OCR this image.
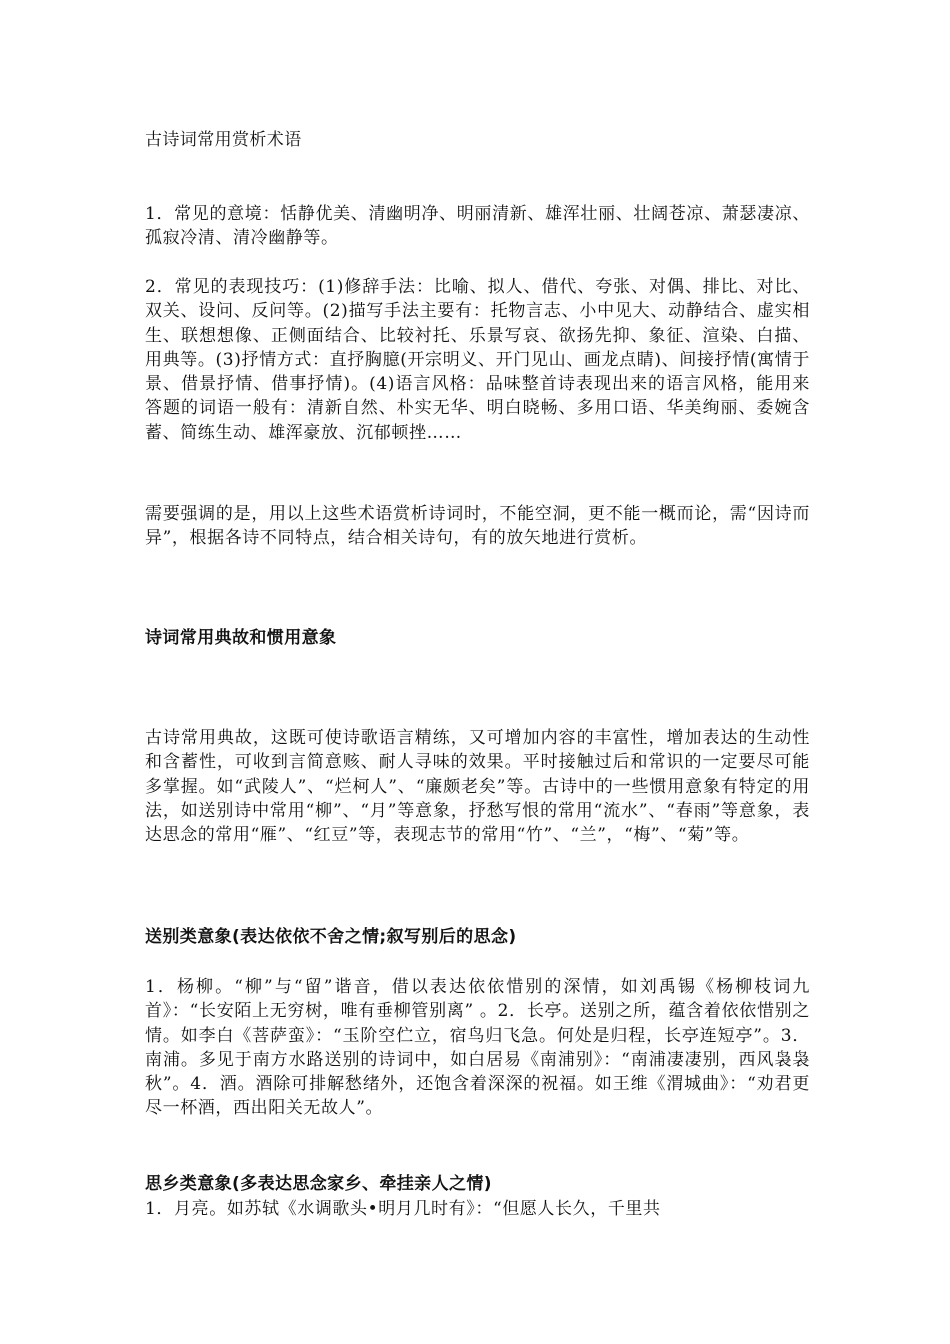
古诗词常用赏析术语

1．常见的意境：恬静优美、清幽明净、明丽清新、雄浑壮丽、壮阔苍凉、萧瑟凄凉、孤寂冷清、清冷幽静等。

2．常见的表现技巧：(1)修辞手法：比喻、拟人、借代、夸张、对偶、排比、对比、双关、设问、反问等。(2)描写手法主要有：托物言志、小中见大、动静结合、虚实相生、联想想像、正侧面结合、比较衬托、乐景写哀、欲扬先抑、象征、渲染、白描、用典等。(3)抒情方式：直抒胸臆(开宗明义、开门见山、画龙点睛)、间接抒情(寓情于景、借景抒情、借事抒情)。(4)语言风格：品味整首诗表现出来的语言风格，能用来答题的词语一般有：清新自然、朴实无华、明白晓畅、多用口语、华美绚丽、委婉含蓄、简练生动、雄浑豪放、沉郁顿挫……

需要强调的是，用以上这些术语赏析诗词时，不能空洞，更不能一概而论，需“因诗而异”，根据各诗不同特点，结合相关诗句，有的放矢地进行赏析。

诗词常用典故和惯用意象

古诗常用典故，这既可使诗歌语言精练，又可增加内容的丰富性，增加表达的生动性和含蓄性，可收到言简意赅、耐人寻味的效果。平时接触过后和常识的一定要尽可能多掌握。如“武陵人”、“烂柯人”、“廉颇老矣”等。古诗中的一些惯用意象有特定的用法，如送别诗中常用“柳”、“月”等意象，抒愁写恨的常用“流水”、“春雨”等意象，表达思念的常用“雁”、“红豆”等，表现志节的常用“竹”、“兰”，“梅”、“菊”等。

送别类意象(表达依依不舍之情;叙写别后的思念)

1．杨柳。“柳”与“留”谐音，借以表达依依惜别的深情，如刘禹锡《杨柳枝词九首》：“长安陌上无穷树，唯有垂柳管别离” 。2．长亭。送别之所，蕴含着依依惜别之情。如李白《菩萨蛮》：“玉阶空伫立，宿鸟归飞急。何处是归程，长亭连短亭”。3．南浦。多见于南方水路送别的诗词中，如白居易《南浦别》：“南浦凄凄别，西风袅袅秋”。4．酒。酒除可排解愁绪外，还饱含着深深的祝福。如王维《渭城曲》：“劝君更尽一杯酒，西出阳关无故人”。

思乡类意象(多表达思念家乡、牵挂亲人之情)

1．月亮。如苏轼《水调歌头•明月几时有》：“但愿人长久，千里共
